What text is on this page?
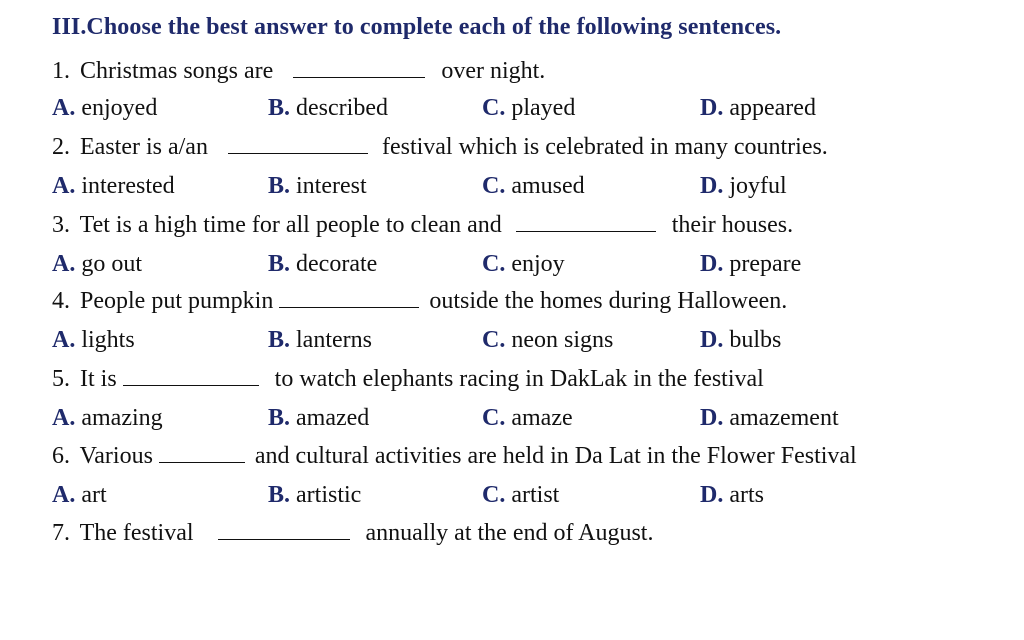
III.Choose the best answer to complete each of the following sentences.
1. Christmas songs are	over night.
A. enjoyed	B. described	C. played	D. appeared
2. Easter is a/an	festival which is celebrated in many countries.
A. interested	B. interest	C. amused	D. joyful
3. Tet is a high time for all people to clean and	their houses.
A. go out	B. decorate	C. enjoy	D. prepare
4. People put pumpkin	outside the homes during Halloween.
A. lights	B. lanterns	C. neon signs	D. bulbs
5. It is	to watch elephants racing in DakLak in the festival
A. amazing	B. amazed	C. amaze	D. amazement
6. Various	and cultural activities are held in Da Lat in the Flower Festival
A. art	B. artistic	C. artist	D. arts
7. The festival	annually at the end of August.
